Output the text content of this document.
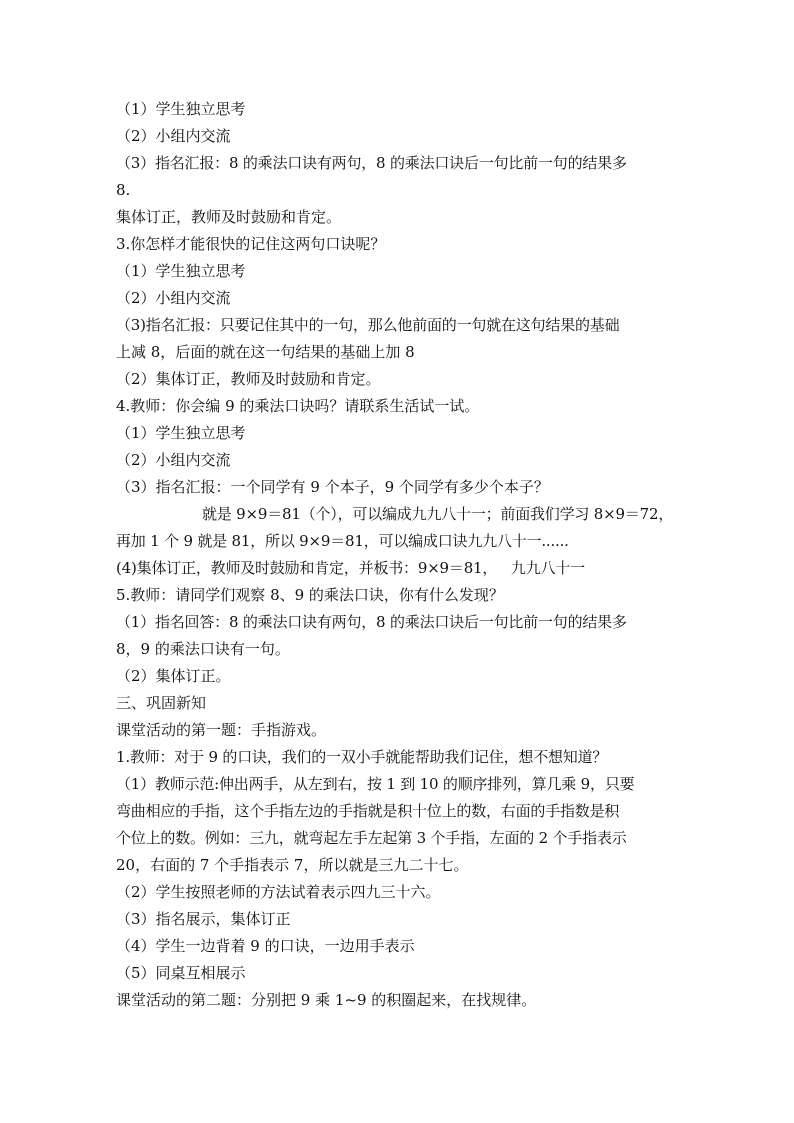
（1）学生独立思考
（2）小组内交流
（3）指名汇报：8 的乘法口诀有两句，8 的乘法口诀后一句比前一句的结果多
8.
集体订正，教师及时鼓励和肯定。
3.你怎样才能很快的记住这两句口诀呢？
（1）学生独立思考
（2）小组内交流
（3)指名汇报：只要记住其中的一句，那么他前面的一句就在这句结果的基础
上减 8，后面的就在这一句结果的基础上加 8
（2）集体订正，教师及时鼓励和肯定。
4.教师：你会编 9 的乘法口诀吗？请联系生活试一试。
（1）学生独立思考
（2）小组内交流
（3）指名汇报：一个同学有 9 个本子，9 个同学有多少个本子？
就是 9×9＝81（个），可以编成九九八十一；前面我们学习 8×9＝72，
再加 1 个 9 就是 81，所以 9×9＝81，可以编成口诀九九八十一......
(4)集体订正，教师及时鼓励和肯定，并板书：9×9＝81，   九九八十一
5.教师：请同学们观察 8、9 的乘法口诀，你有什么发现？
（1）指名回答：8 的乘法口诀有两句，8 的乘法口诀后一句比前一句的结果多
8，9 的乘法口诀有一句。
（2）集体订正。
三、巩固新知
课堂活动的第一题：手指游戏。
1.教师：对于 9 的口诀，我们的一双小手就能帮助我们记住，想不想知道？
（1）教师示范:伸出两手，从左到右，按 1 到 10 的顺序排列，算几乘 9，只要
弯曲相应的手指，这个手指左边的手指就是积十位上的数，右面的手指数是积
个位上的数。例如：三九，就弯起左手左起第 3 个手指，左面的 2 个手指表示
20，右面的 7 个手指表示 7，所以就是三九二十七。
（2）学生按照老师的方法试着表示四九三十六。
（3）指名展示，集体订正
（4）学生一边背着 9 的口诀，一边用手表示
（5）同桌互相展示
课堂活动的第二题：分别把 9 乘 1~9 的积圈起来，在找规律。
